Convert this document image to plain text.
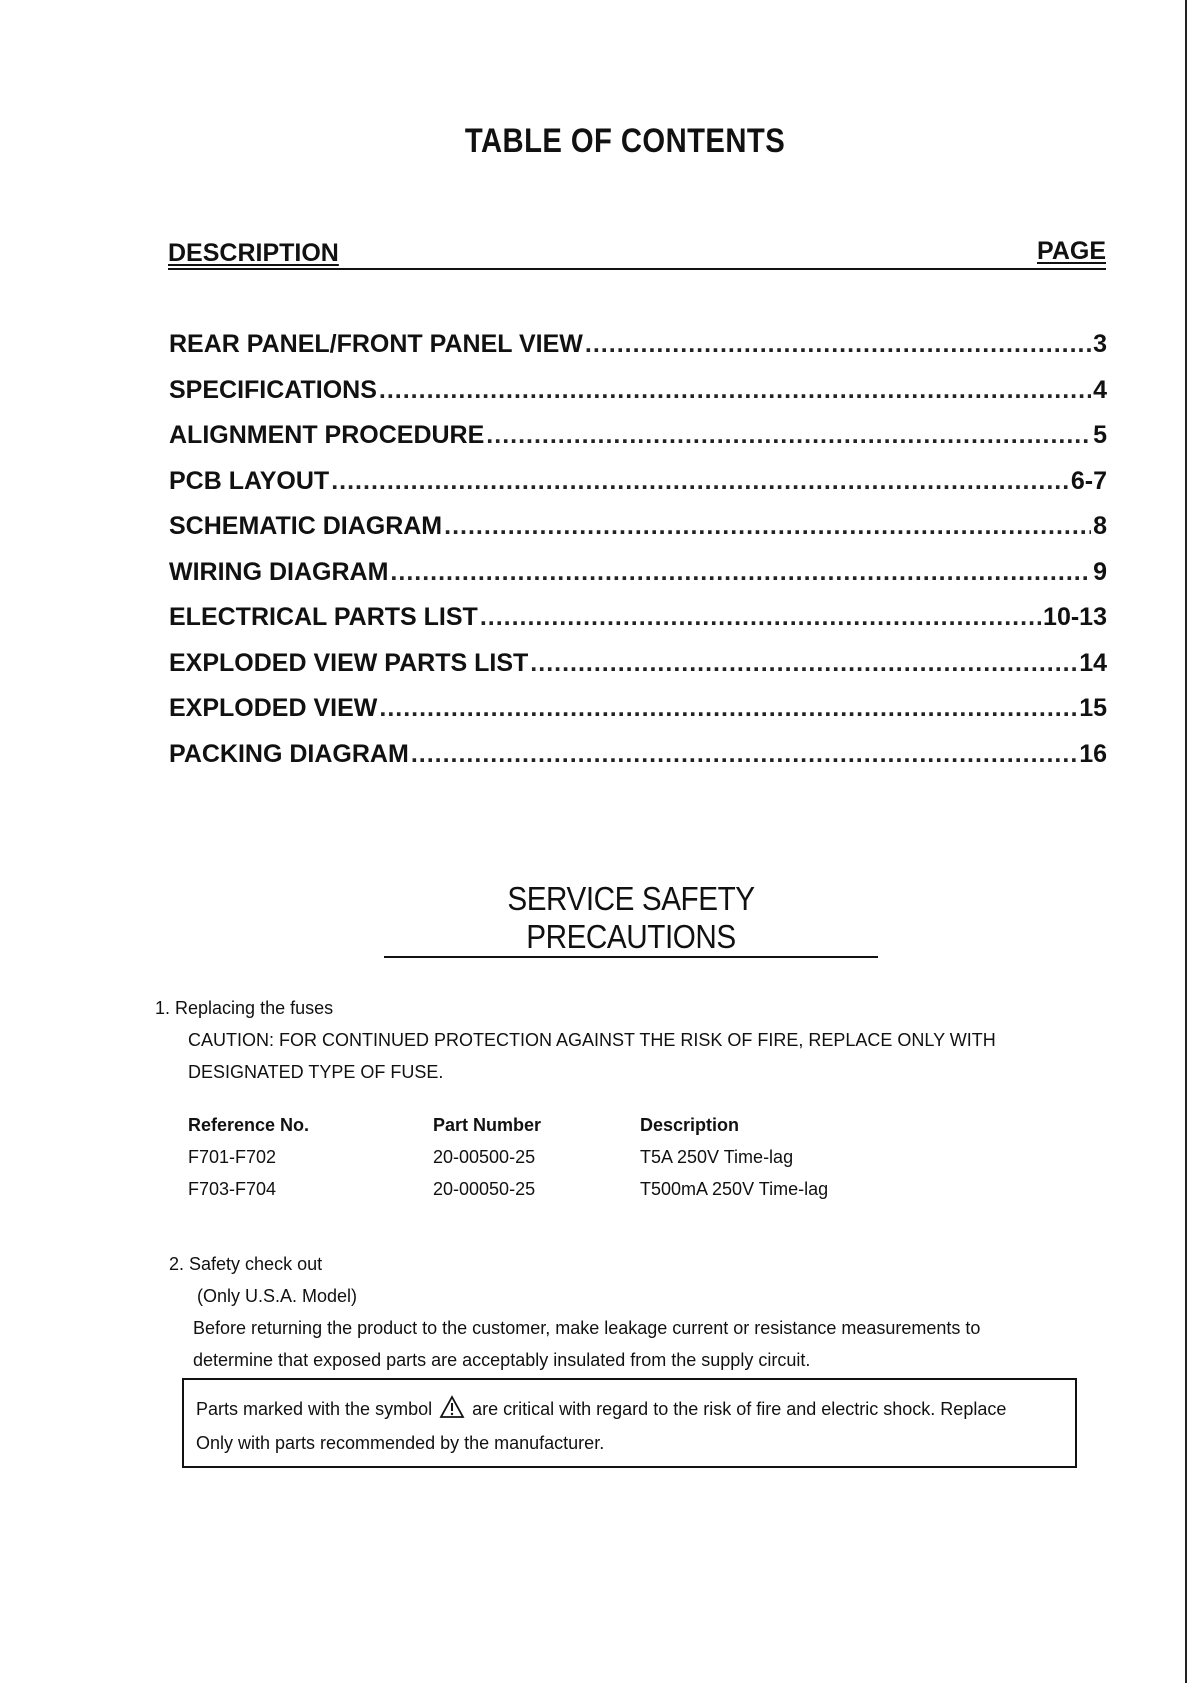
TABLE OF CONTENTS
DESCRIPTION	PAGE
REAR PANEL/FRONT PANEL VIEW .....	3
SPECIFICATIONS .....	4
ALIGNMENT PROCEDURE .....	5
PCB LAYOUT .....	6-7
SCHEMATIC DIAGRAM .....	8
WIRING DIAGRAM .....	9
ELECTRICAL PARTS LIST .....	10-13
EXPLODED VIEW PARTS LIST .....	14
EXPLODED VIEW .....	15
PACKING DIAGRAM .....	16
SERVICE SAFETY PRECAUTIONS
1. Replacing the fuses
CAUTION: FOR CONTINUED PROTECTION AGAINST THE RISK OF FIRE, REPLACE ONLY WITH
DESIGNATED TYPE OF FUSE.
Reference No.	Part Number	Description
F701-F702	20-00500-25	T5A 250V Time-lag
F703-F704	20-00050-25	T500mA 250V Time-lag
2. Safety check out
(Only U.S.A. Model)
Before returning the product to the customer, make leakage current or resistance measurements to
determine that exposed parts are acceptably insulated from the supply circuit.
Parts marked with the symbol are critical with regard to the risk of fire and electric shock. Replace
Only with parts recommended by the manufacturer.
